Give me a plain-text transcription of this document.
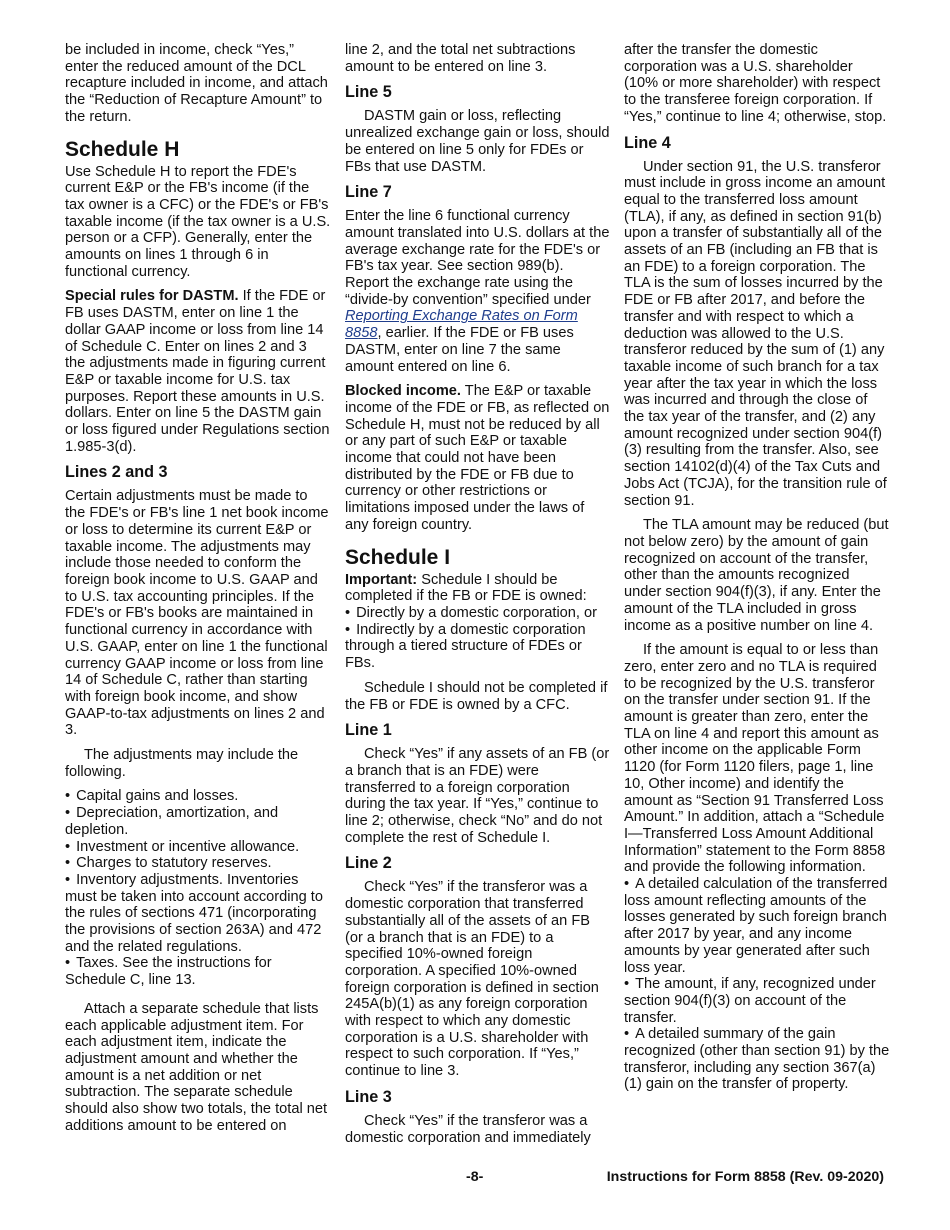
be included in income, check “Yes,” enter the reduced amount of the DCL recapture included in income, and attach the “Reduction of Recapture Amount” to the return.

Schedule H

Use Schedule H to report the FDE's current E&P or the FB's income (if the tax owner is a CFC) or the FDE's or FB's taxable income (if the tax owner is a U.S. person or a CFP). Generally, enter the amounts on lines 1 through 6 in functional currency.

Special rules for DASTM. If the FDE or FB uses DASTM, enter on line 1 the dollar GAAP income or loss from line 14 of Schedule C. Enter on lines 2 and 3 the adjustments made in figuring current E&P or taxable income for U.S. tax purposes. Report these amounts in U.S. dollars. Enter on line 5 the DASTM gain or loss figured under Regulations section 1.985-3(d).

Lines 2 and 3

Certain adjustments must be made to the FDE's or FB's line 1 net book income or loss to determine its current E&P or taxable income. The adjustments may include those needed to conform the foreign book income to U.S. GAAP and to U.S. tax accounting principles. If the FDE's or FB's books are maintained in functional currency in accordance with U.S. GAAP, enter on line 1 the functional currency GAAP income or loss from line 14 of Schedule C, rather than starting with foreign book income, and show GAAP-to-tax adjustments on lines 2 and 3.

The adjustments may include the following.

• Capital gains and losses.
• Depreciation, amortization, and depletion.
• Investment or incentive allowance.
• Charges to statutory reserves.
• Inventory adjustments. Inventories must be taken into account according to the rules of sections 471 (incorporating the provisions of section 263A) and 472 and the related regulations.
• Taxes. See the instructions for Schedule C, line 13.

Attach a separate schedule that lists each applicable adjustment item. For each adjustment item, indicate the adjustment amount and whether the amount is a net addition or net subtraction. The separate schedule should also show two totals, the total net additions amount to be entered on

line 2, and the total net subtractions amount to be entered on line 3.

Line 5

DASTM gain or loss, reflecting unrealized exchange gain or loss, should be entered on line 5 only for FDEs or FBs that use DASTM.

Line 7

Enter the line 6 functional currency amount translated into U.S. dollars at the average exchange rate for the FDE's or FB's tax year. See section 989(b). Report the exchange rate using the “divide-by convention” specified under Reporting Exchange Rates on Form 8858, earlier. If the FDE or FB uses DASTM, enter on line 7 the same amount entered on line 6.

Blocked income. The E&P or taxable income of the FDE or FB, as reflected on Schedule H, must not be reduced by all or any part of such E&P or taxable income that could not have been distributed by the FDE or FB due to currency or other restrictions or limitations imposed under the laws of any foreign country.

Schedule I

Important: Schedule I should be completed if the FB or FDE is owned:

• Directly by a domestic corporation, or
• Indirectly by a domestic corporation through a tiered structure of FDEs or FBs.

Schedule I should not be completed if the FB or FDE is owned by a CFC.

Line 1

Check “Yes” if any assets of an FB (or a branch that is an FDE) were transferred to a foreign corporation during the tax year. If “Yes,” continue to line 2; otherwise, check “No” and do not complete the rest of Schedule I.

Line 2

Check “Yes” if the transferor was a domestic corporation that transferred substantially all of the assets of an FB (or a branch that is an FDE) to a specified 10%-owned foreign corporation. A specified 10%-owned foreign corporation is defined in section 245A(b)(1) as any foreign corporation with respect to which any domestic corporation is a U.S. shareholder with respect to such corporation. If “Yes,” continue to line 3.

Line 3

Check “Yes” if the transferor was a domestic corporation and immediately

after the transfer the domestic corporation was a U.S. shareholder (10% or more shareholder) with respect to the transferee foreign corporation. If “Yes,” continue to line 4; otherwise, stop.

Line 4

Under section 91, the U.S. transferor must include in gross income an amount equal to the transferred loss amount (TLA), if any, as defined in section 91(b) upon a transfer of substantially all of the assets of an FB (including an FB that is an FDE) to a foreign corporation. The TLA is the sum of losses incurred by the FDE or FB after 2017, and before the transfer and with respect to which a deduction was allowed to the U.S. transferor reduced by the sum of (1) any taxable income of such branch for a tax year after the tax year in which the loss was incurred and through the close of the tax year of the transfer, and (2) any amount recognized under section 904(f)(3) resulting from the transfer. Also, see section 14102(d)(4) of the Tax Cuts and Jobs Act (TCJA), for the transition rule of section 91.

The TLA amount may be reduced (but not below zero) by the amount of gain recognized on account of the transfer, other than the amounts recognized under section 904(f)(3), if any. Enter the amount of the TLA included in gross income as a positive number on line 4.

If the amount is equal to or less than zero, enter zero and no TLA is required to be recognized by the U.S. transferor on the transfer under section 91. If the amount is greater than zero, enter the TLA on line 4 and report this amount as other income on the applicable Form 1120 (for Form 1120 filers, page 1, line 10, Other income) and identify the amount as “Section 91 Transferred Loss Amount.” In addition, attach a “Schedule I—Transferred Loss Amount Additional Information” statement to the Form 8858 and provide the following information.

• A detailed calculation of the transferred loss amount reflecting amounts of the losses generated by such foreign branch after 2017 by year, and any income amounts by year generated after such loss year.
• The amount, if any, recognized under section 904(f)(3) on account of the transfer.
• A detailed summary of the gain recognized (other than section 91) by the transferor, including any section 367(a)(1) gain on the transfer of property.
-8-	Instructions for Form 8858 (Rev. 09-2020)
